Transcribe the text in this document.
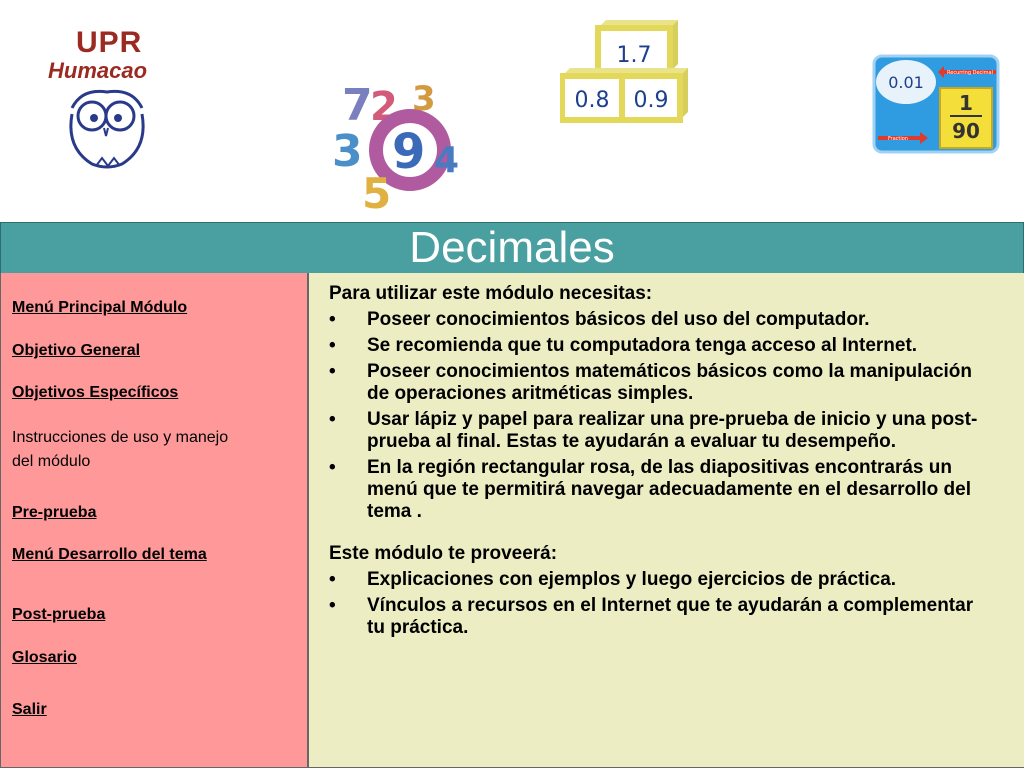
UPR
Humacao
7
2 3
3 9 4
5
1.7
0.8 0.9
0.01	Recurring Decimal
1
90
Fraction
Decimales
Menú Principal Módulo
Objetivo General
Objetivos Específicos
Instrucciones de uso y manejo
del módulo
Pre-prueba
Menú Desarrollo del tema
Post-prueba
Glosario
Salir

Para utilizar este módulo necesitas:

• Poseer conocimientos básicos del uso del computador.
• Se recomienda que tu computadora tenga acceso al Internet.
• Poseer conocimientos matemáticos básicos como la manipulación de operaciones aritméticas simples.
• Usar lápiz y papel para realizar una pre-prueba de inicio y una post-prueba al final. Estas te ayudarán a evaluar tu desempeño.
• En la región rectangular rosa, de las diapositivas encontrarás un menú que te permitirá navegar adecuadamente en el desarrollo del tema .

Este módulo te proveerá:

• Explicaciones con ejemplos y luego ejercicios de práctica.
• Vínculos a recursos en el Internet que te ayudarán a complementar tu práctica.
